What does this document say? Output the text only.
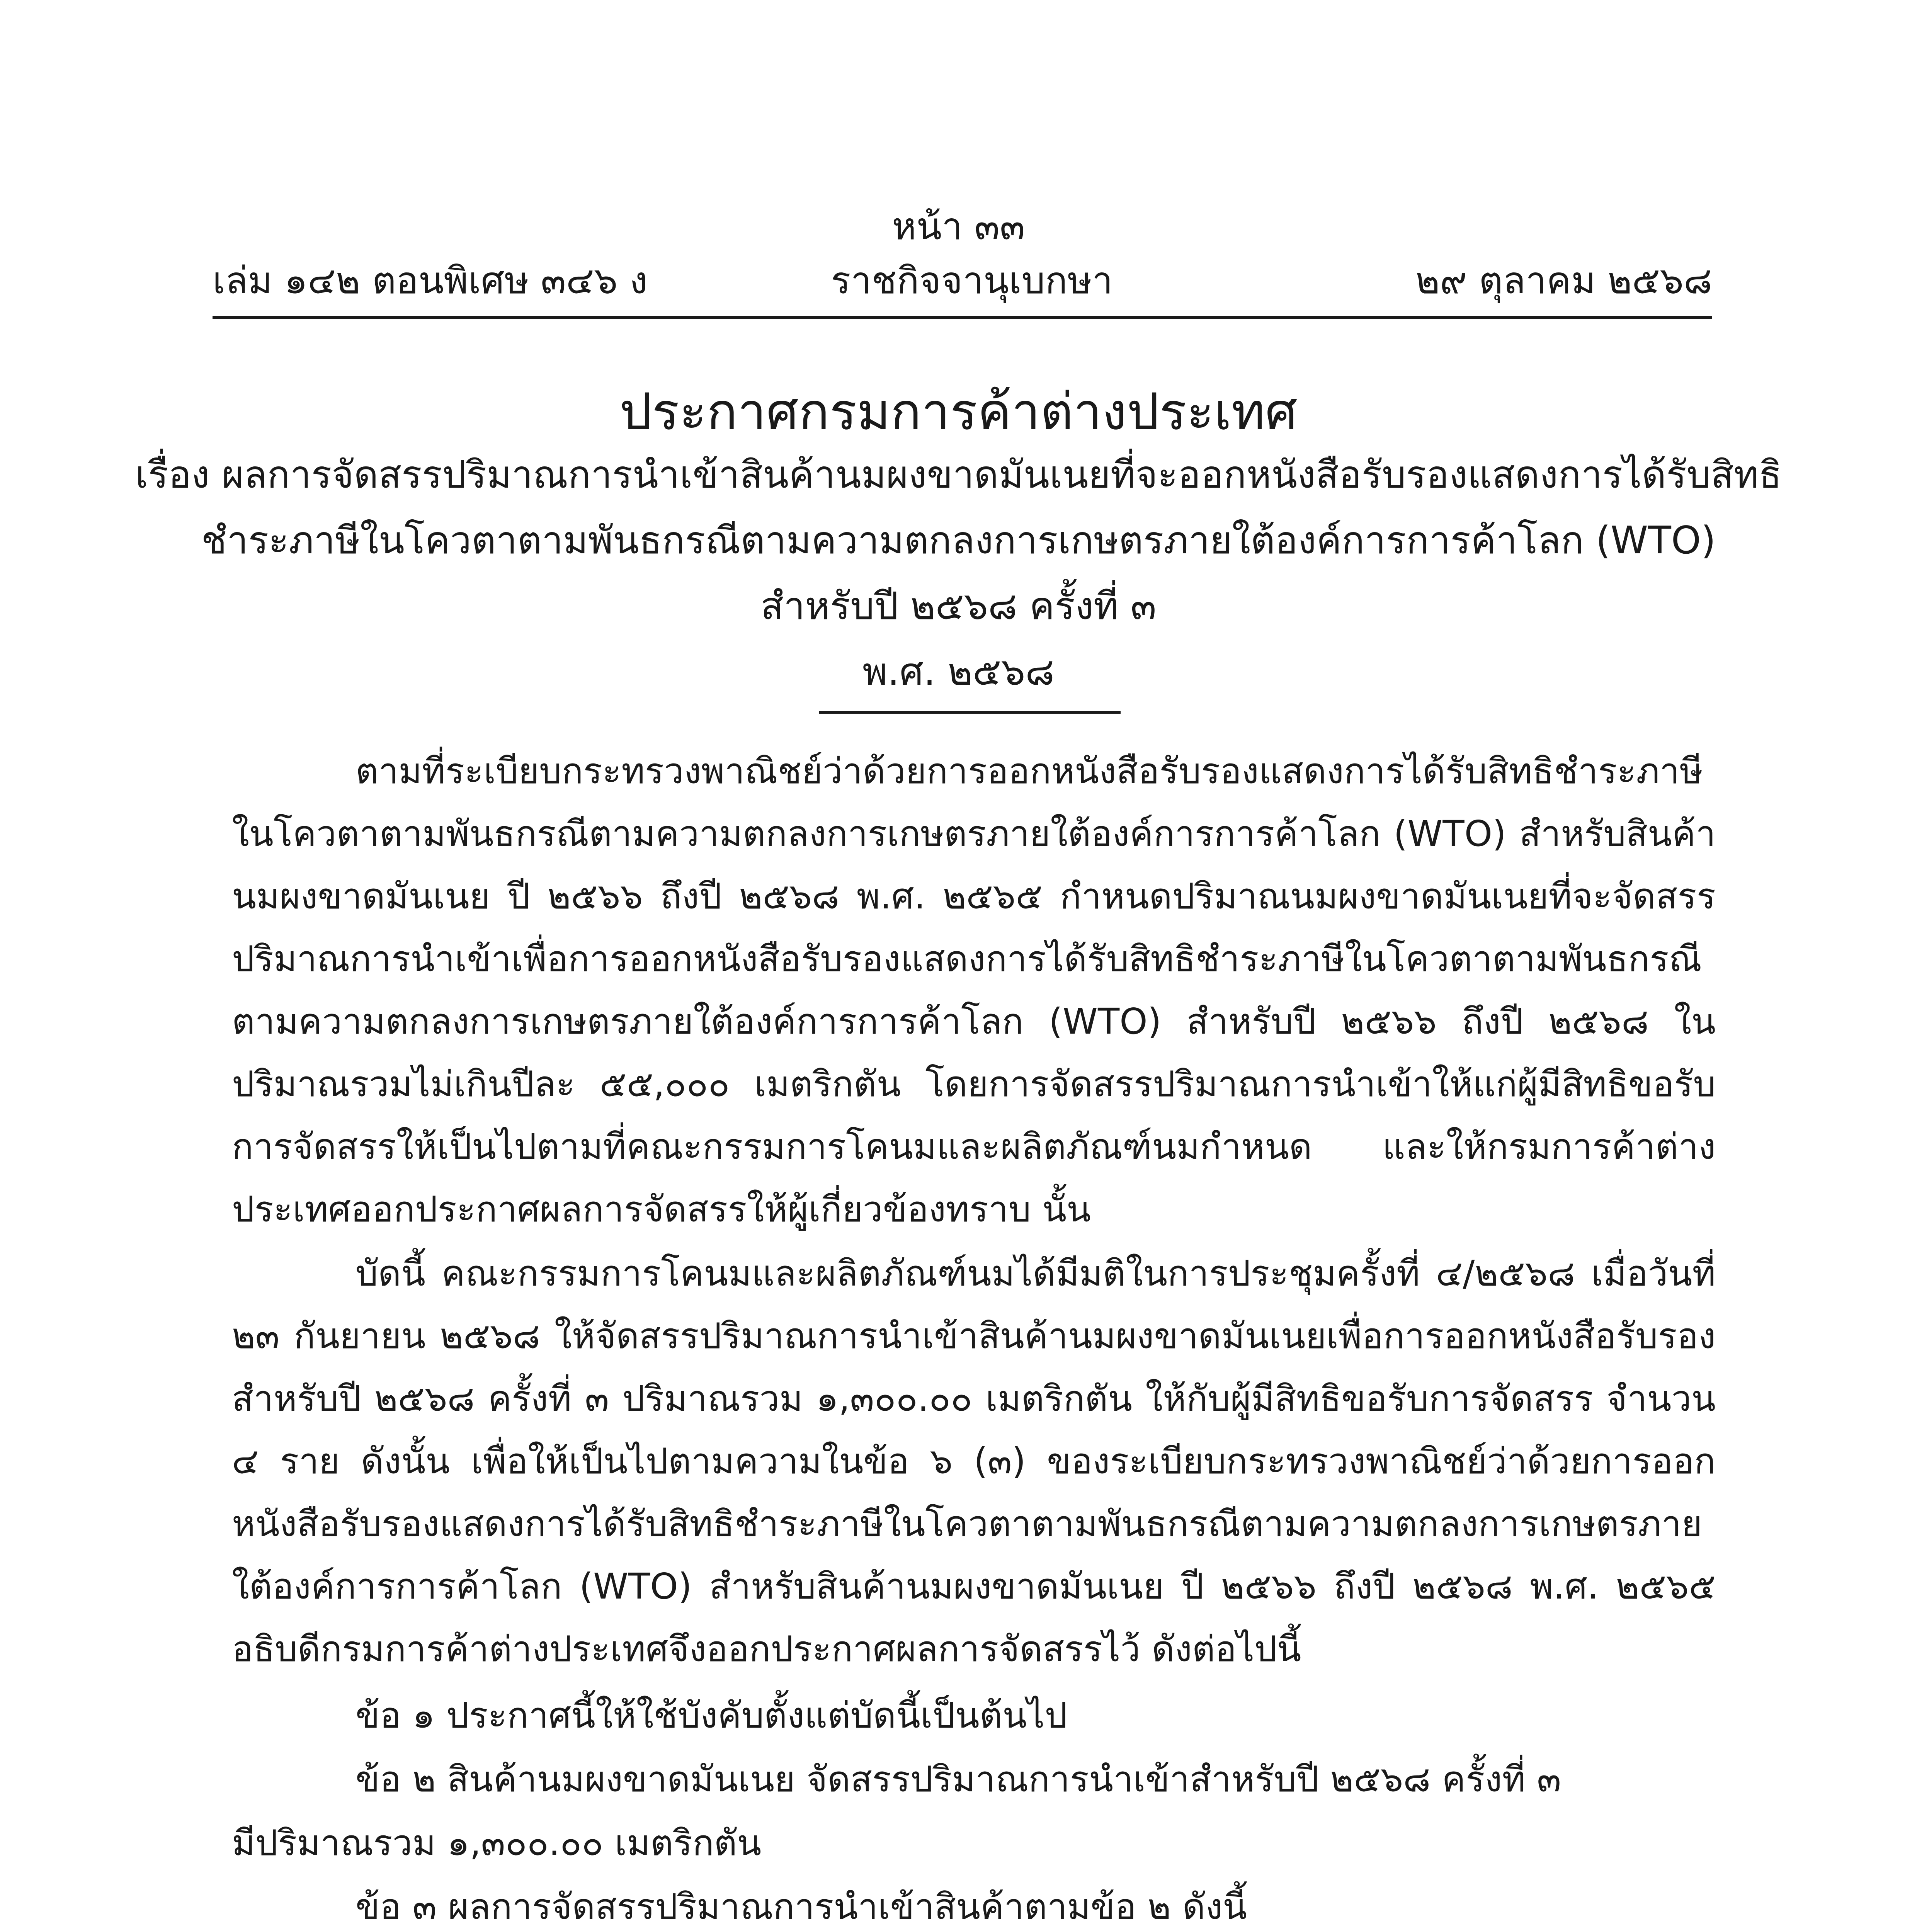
หน้า ๓๓
เล่ม ๑๔๒ ตอนพิเศษ ๓๔๖ ง	ราชกิจจานุเบกษา	๒๙ ตุลาคม ๒๕๖๘
ประกาศกรมการค้าต่างประเทศ
เรื่อง ผลการจัดสรรปริมาณการนำเข้าสินค้านมผงขาดมันเนยที่จะออกหนังสือรับรองแสดงการได้รับสิทธิ
ชำระภาษีในโควตาตามพันธกรณีตามความตกลงการเกษตรภายใต้องค์การการค้าโลก (WTO)
สำหรับปี ๒๕๖๘ ครั้งที่ ๓
พ.ศ. ๒๕๖๘
ตามที่ระเบียบกระทรวงพาณิชย์ว่าด้วยการออกหนังสือรับรองแสดงการได้รับสิทธิชำระภาษีในโควตาตามพันธกรณีตามความตกลงการเกษตรภายใต้องค์การการค้าโลก (WTO) สำหรับสินค้านมผงขาดมันเนย ปี ๒๕๖๖ ถึงปี ๒๕๖๘ พ.ศ. ๒๕๖๕ กำหนดปริมาณนมผงขาดมันเนยที่จะจัดสรรปริมาณการนำเข้าเพื่อการออกหนังสือรับรองแสดงการได้รับสิทธิชำระภาษีในโควตาตามพันธกรณีตามความตกลงการเกษตรภายใต้องค์การการค้าโลก (WTO) สำหรับปี ๒๕๖๖ ถึงปี ๒๕๖๘ ในปริมาณรวมไม่เกินปีละ ๕๕,๐๐๐ เมตริกตัน โดยการจัดสรรปริมาณการนำเข้าให้แก่ผู้มีสิทธิขอรับการจัดสรรให้เป็นไปตามที่คณะกรรมการโคนมและผลิตภัณฑ์นมกำหนด และให้กรมการค้าต่างประเทศออกประกาศผลการจัดสรรให้ผู้เกี่ยวข้องทราบ นั้น
บัดนี้ คณะกรรมการโคนมและผลิตภัณฑ์นมได้มีมติในการประชุมครั้งที่ ๔/๒๕๖๘ เมื่อวันที่ ๒๓ กันยายน ๒๕๖๘ ให้จัดสรรปริมาณการนำเข้าสินค้านมผงขาดมันเนยเพื่อการออกหนังสือรับรองสำหรับปี ๒๕๖๘ ครั้งที่ ๓ ปริมาณรวม ๑,๓๐๐.๐๐ เมตริกตัน ให้กับผู้มีสิทธิขอรับการจัดสรร จำนวน ๔ ราย ดังนั้น เพื่อให้เป็นไปตามความในข้อ ๖ (๓) ของระเบียบกระทรวงพาณิชย์ว่าด้วยการออกหนังสือรับรองแสดงการได้รับสิทธิชำระภาษีในโควตาตามพันธกรณีตามความตกลงการเกษตรภายใต้องค์การการค้าโลก (WTO) สำหรับสินค้านมผงขาดมันเนย ปี ๒๕๖๖ ถึงปี ๒๕๖๘ พ.ศ. ๒๕๖๕ อธิบดีกรมการค้าต่างประเทศจึงออกประกาศผลการจัดสรรไว้ ดังต่อไปนี้
ข้อ ๑ ประกาศนี้ให้ใช้บังคับตั้งแต่บัดนี้เป็นต้นไป
ข้อ ๒ สินค้านมผงขาดมันเนย จัดสรรปริมาณการนำเข้าสำหรับปี ๒๕๖๘ ครั้งที่ ๓
มีปริมาณรวม ๑,๓๐๐.๐๐ เมตริกตัน
ข้อ ๓ ผลการจัดสรรปริมาณการนำเข้าสินค้าตามข้อ ๒ ดังนี้
